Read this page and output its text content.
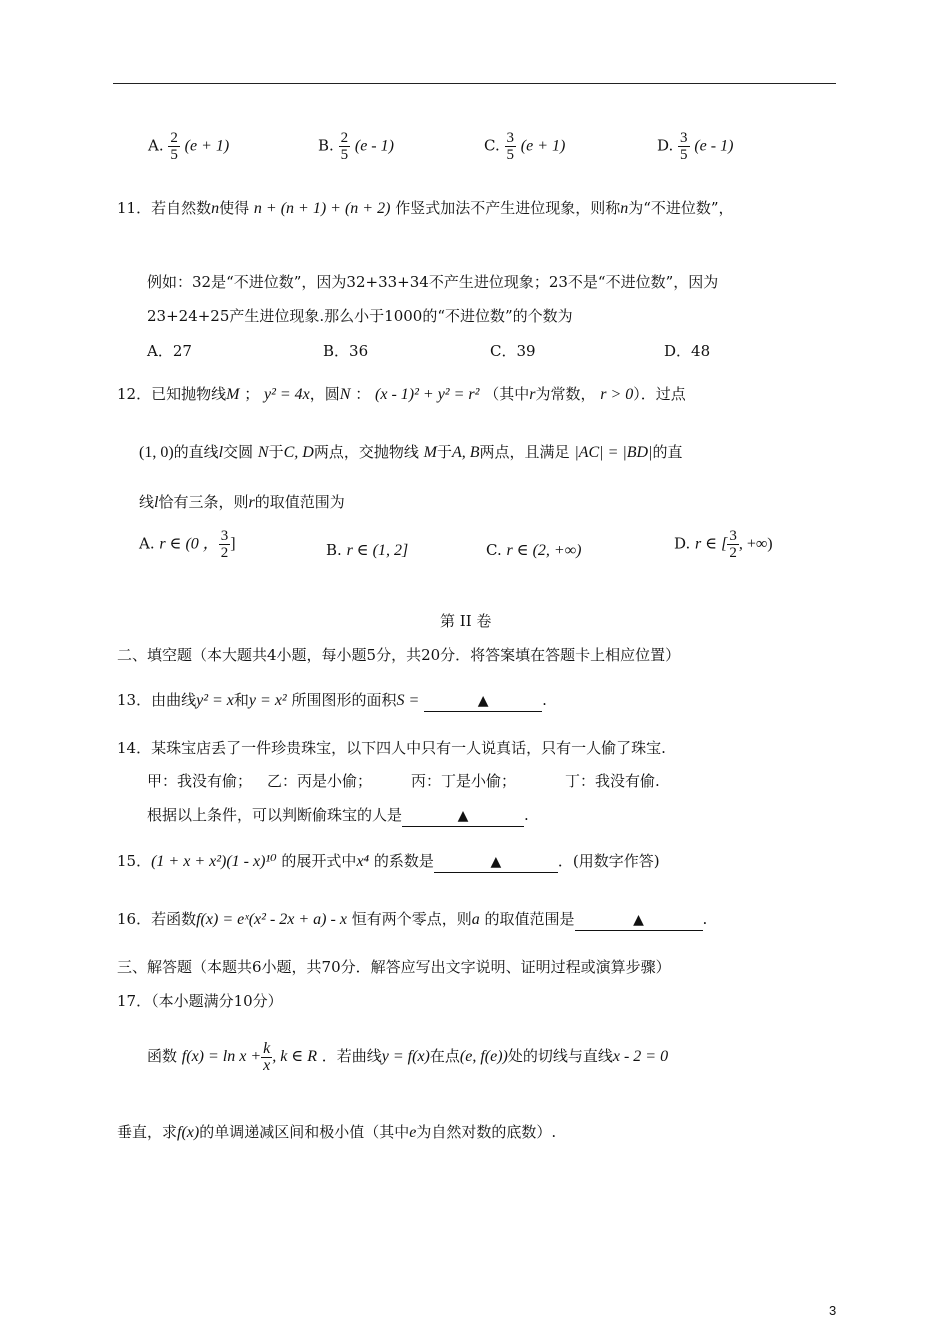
A. $\frac{2}{5} (e + 1)$	B. $\frac{2}{5} (e - 1)$	C. $\frac{3}{5} (e + 1)$	D. $\frac{3}{5} (e - 1)$
11．若自然数n使得 n + (n + 1) + (n + 2) 作竖式加法不产生进位现象，则称n为“不进位数”，
例如：32是“不进位数”，因为32+33+34不产生进位现象；23不是“不进位数”，因为
23+24+25产生进位现象.那么小于1000的“不进位数”的个数为
A．27	B．36	C．39	D．48
12．已知抛物线M ； y² = 4x，圆N ： (x - 1)² + y² = r² （其中r为常数， r > 0）．过点
(1, 0)的直线l交圆 N于C, D两点，交抛物线 M于A, B两点，且满足 |AC| = |BD|的直
线l恰有三条，则r的取值范围为
A. r ∈ (0 ， $\frac{3}{2}$ ]	B. r ∈ (1, 2]	C. r ∈ (2, +∞)	D. r ∈ [ $\frac{3}{2}$ , +∞)
第 II 卷
二、填空题（本大题共4小题，每小题5分，共20分．将答案填在答题卡上相应位置）
13．由曲线y² = x和y = x² 所围图形的面积S =	▲	.
14．某珠宝店丢了一件珍贵珠宝，以下四人中只有一人说真话，只有一人偷了珠宝.
甲：我没有偷； 乙：丙是小偷；	丙：丁是小偷；	丁：我没有偷.
根据以上条件，可以判断偷珠宝的人是	▲	.
15．(1 + x + x²)(1 - x)¹⁰ 的展开式中x⁴ 的系数是	▲	．(用数字作答)
16．若函数f(x) = eˣ(x² - 2x + a) - x 恒有两个零点，则a 的取值范围是	▲	.
三、解答题（本题共6小题，共70分．解答应写出文字说明、证明过程或演算步骤）
17．（本小题满分10分）
函数 $f(x) = \ln x + \frac{k}{x}$ , k ∈ R ．若曲线y = f(x)在点(e, f(e))处的切线与直线x - 2 = 0
垂直，求f(x)的单调递减区间和极小值（其中e为自然对数的底数）.
3
